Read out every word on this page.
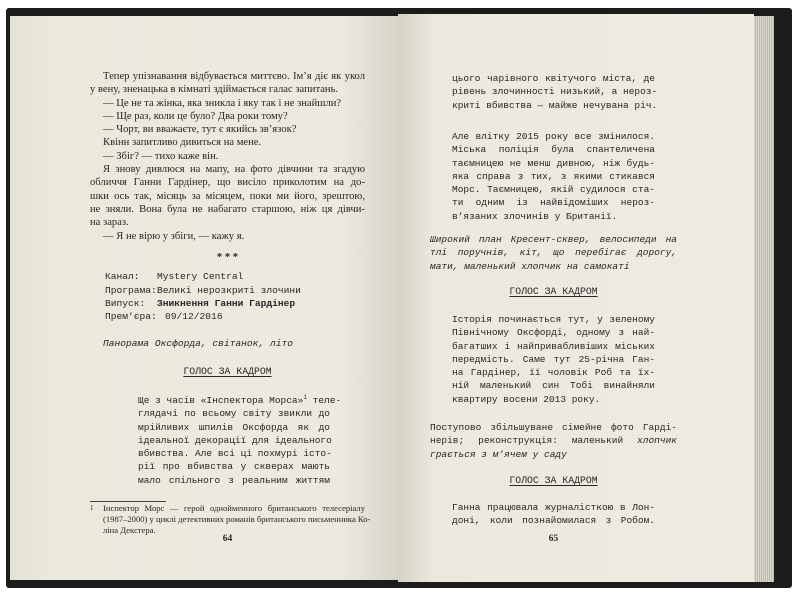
Тепер упізнавання відбувається миттєво. Ім’я діє як укол
у вену, зненацька в кімнаті здіймається галас запитань.
— Це не та жінка, яка зникла і яку так і не знайшли?
— Ще раз, коли це було? Два роки тому?
— Чорт, ви вважаєте, тут є якийсь зв’язок?
Квінн запитливо дивиться на мене.
— Збіг? — тихо каже він.
Я знову дивлюся на мапу, на фото дівчини та згадую
обличчя Ганни Гардінер, що висіло приколотим на до-
шки ось так, місяць за місяцем, поки ми його, зрештою,
не зняли. Вона була не набагато старшою, ніж ця дівчи-
на зараз.
— Я не вірю у збіги, — кажу я.
* * *
Канал: Mystery Central
Програма: Великі нерозкриті злочини
Випуск: Зникнення Ганни Гардінер
Прем’єра: 09/12/2016
Панорама Оксфорда, світанок, літо
ГОЛОС ЗА КАДРОМ
Ще з часів «Інспектора Морса»$^1$ теле-
глядачі по всьому світу звикли до
мрійливих шпилів Оксфорда як до
ідеальної декорації для ідеального
вбивства. Але всі ці похмурі істо-
рії про вбивства у скверах мають
мало спільного з реальним життям
1	Інспектор Морс — герой однойменного британського телесеріалу
(1987–2000) у циклі детективних романів британського письменника Ко-
ліна Декстера.
64
цього чарівного квітучого міста, де
рівень злочинності низький, а нероз-
криті вбивства — майже нечувана річ.
Але влітку 2015 року все змінилося.
Міська поліція була спантеличена
таємницею не менш дивною, ніж будь-
яка справа з тих, з якими стикався
Морс. Таємницею, якій судилося ста-
ти одним із найвідоміших нероз-
в’язаних злочинів у Британії.
Широкий план Кресент-сквер, велосипеди на
тлі поручнів, кіт, що перебігає дорогу,
мати, маленький хлопчик на самокаті
ГОЛОС ЗА КАДРОМ
Історія починається тут, у зеленому
Північному Оксфорді, одному з най-
багатших і найпривабливіших міських
передмість. Саме тут 25-річна Ган-
на Гардінер, її чоловік Роб та їх-
ній маленький син Тобі винайняли
квартиру восени 2013 року.
Поступово збільшуване сімейне фото Гарді-
нерів; реконструкція: маленький хлопчик
грається з м’ячем у саду
ГОЛОС ЗА КАДРОМ
Ганна працювала журналісткою в Лон-
доні, коли познайомилася з Робом.
65
